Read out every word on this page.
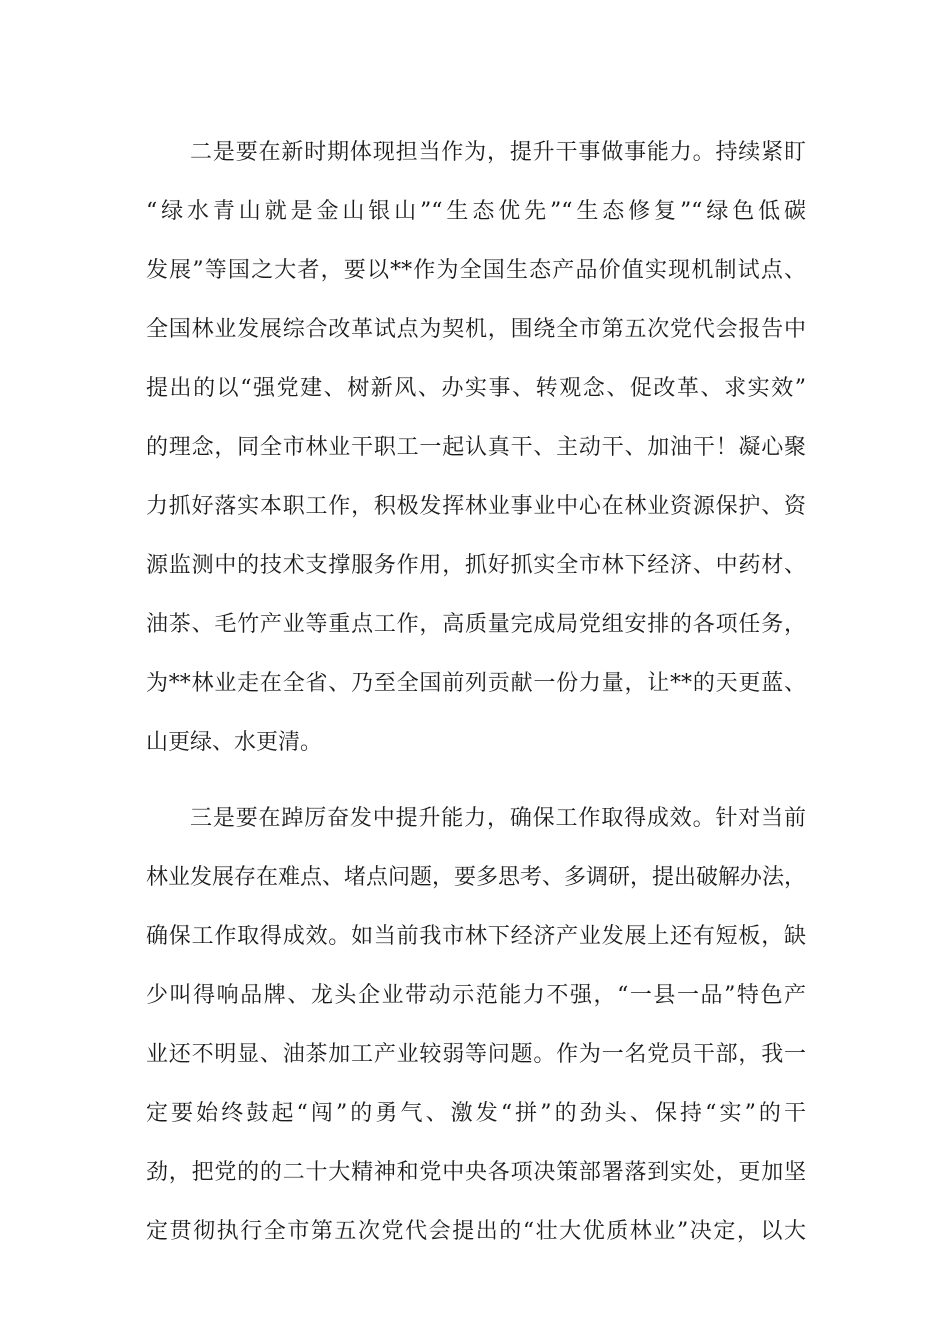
二是要在新时期体现担当作为，提升干事做事能力。持续紧盯
“绿水青山就是金山银山”“生态优先”“生态修复”“绿色低碳
发展”等国之大者，要以**作为全国生态产品价值实现机制试点、
全国林业发展综合改革试点为契机，围绕全市第五次党代会报告中
提出的以“强党建、树新风、办实事、转观念、促改革、求实效”
的理念，同全市林业干职工一起认真干、主动干、加油干！凝心聚
力抓好落实本职工作，积极发挥林业事业中心在林业资源保护、资
源监测中的技术支撑服务作用，抓好抓实全市林下经济、中药材、
油茶、毛竹产业等重点工作，高质量完成局党组安排的各项任务，
为**林业走在全省、乃至全国前列贡献一份力量，让**的天更蓝、
山更绿、水更清。
三是要在踔厉奋发中提升能力，确保工作取得成效。针对当前
林业发展存在难点、堵点问题，要多思考、多调研，提出破解办法，
确保工作取得成效。如当前我市林下经济产业发展上还有短板，缺
少叫得响品牌、龙头企业带动示范能力不强，“一县一品”特色产
业还不明显、油茶加工产业较弱等问题。作为一名党员干部，我一
定要始终鼓起“闯”的勇气、激发“拼”的劲头、保持“实”的干
劲，把党的的二十大精神和党中央各项决策部署落到实处，更加坚
定贯彻执行全市第五次党代会提出的“壮大优质林业”决定，以大
